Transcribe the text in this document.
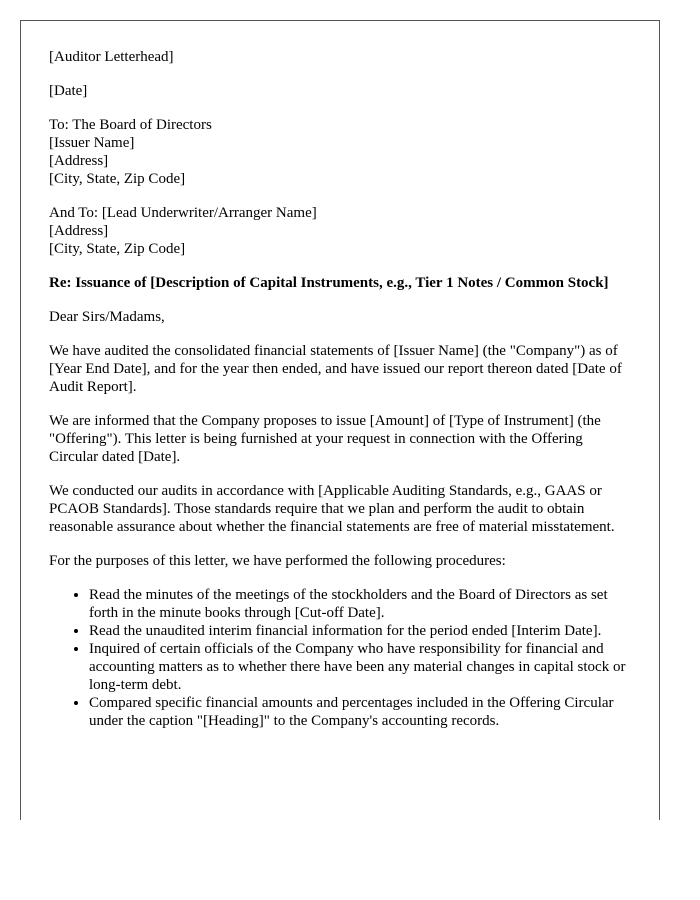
[Auditor Letterhead]
[Date]
To: The Board of Directors
[Issuer Name]
[Address]
[City, State, Zip Code]
And To: [Lead Underwriter/Arranger Name]
[Address]
[City, State, Zip Code]

Re: Issuance of [Description of Capital Instruments, e.g., Tier 1 Notes / Common Stock]

Dear Sirs/Madams,

We have audited the consolidated financial statements of [Issuer Name] (the "Company") as of [Year End Date], and for the year then ended, and have issued our report thereon dated [Date of Audit Report].

We are informed that the Company proposes to issue [Amount] of [Type of Instrument] (the "Offering"). This letter is being furnished at your request in connection with the Offering Circular dated [Date].

We conducted our audits in accordance with [Applicable Auditing Standards, e.g., GAAS or PCAOB Standards]. Those standards require that we plan and perform the audit to obtain reasonable assurance about whether the financial statements are free of material misstatement.

For the purposes of this letter, we have performed the following procedures:

• Read the minutes of the meetings of the stockholders and the Board of Directors as set forth in the minute books through [Cut-off Date].
• Read the unaudited interim financial information for the period ended [Interim Date].
• Inquired of certain officials of the Company who have responsibility for financial and accounting matters as to whether there have been any material changes in capital stock or long-term debt.
• Compared specific financial amounts and percentages included in the Offering Circular under the caption "[Heading]" to the Company's accounting records.
